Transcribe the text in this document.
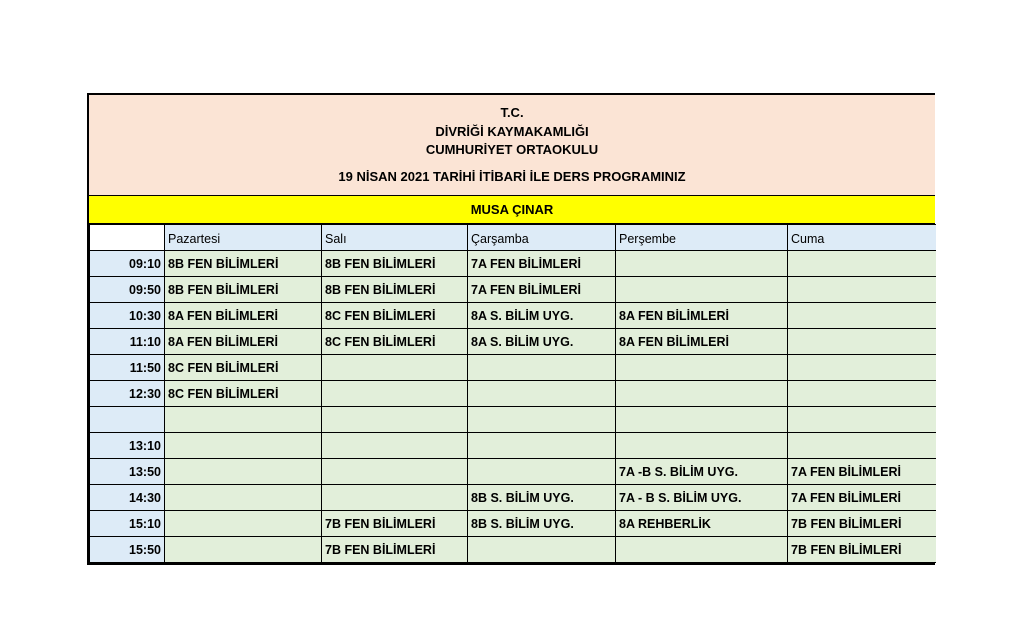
T.C.
DİVRİĞİ KAYMAKAMLIĞI
CUMHURİYET ORTAOKULU
19 NİSAN 2021 TARİHİ İTİBARİ İLE DERS PROGRAMINIZ
MUSA ÇINAR
	Pazartesi	Salı	Çarşamba	Perşembe	Cuma
09:10	8B FEN BİLİMLERİ	8B FEN BİLİMLERİ	7A FEN BİLİMLERİ		
09:50	8B FEN BİLİMLERİ	8B FEN BİLİMLERİ	7A FEN BİLİMLERİ		
10:30	8A FEN BİLİMLERİ	8C FEN BİLİMLERİ	8A S. BİLİM UYG.	8A FEN BİLİMLERİ	
11:10	8A FEN BİLİMLERİ	8C FEN BİLİMLERİ	8A S. BİLİM UYG.	8A FEN BİLİMLERİ	
11:50	8C FEN BİLİMLERİ				
12:30	8C FEN BİLİMLERİ				

13:10					
13:50				7A -B S. BİLİM UYG.	7A FEN BİLİMLERİ
14:30			8B S. BİLİM UYG.	7A - B S. BİLİM UYG.	7A FEN BİLİMLERİ
15:10		7B FEN BİLİMLERİ	8B S. BİLİM UYG.	8A REHBERLİK	7B FEN BİLİMLERİ
15:50		7B FEN BİLİMLERİ			7B FEN BİLİMLERİ
